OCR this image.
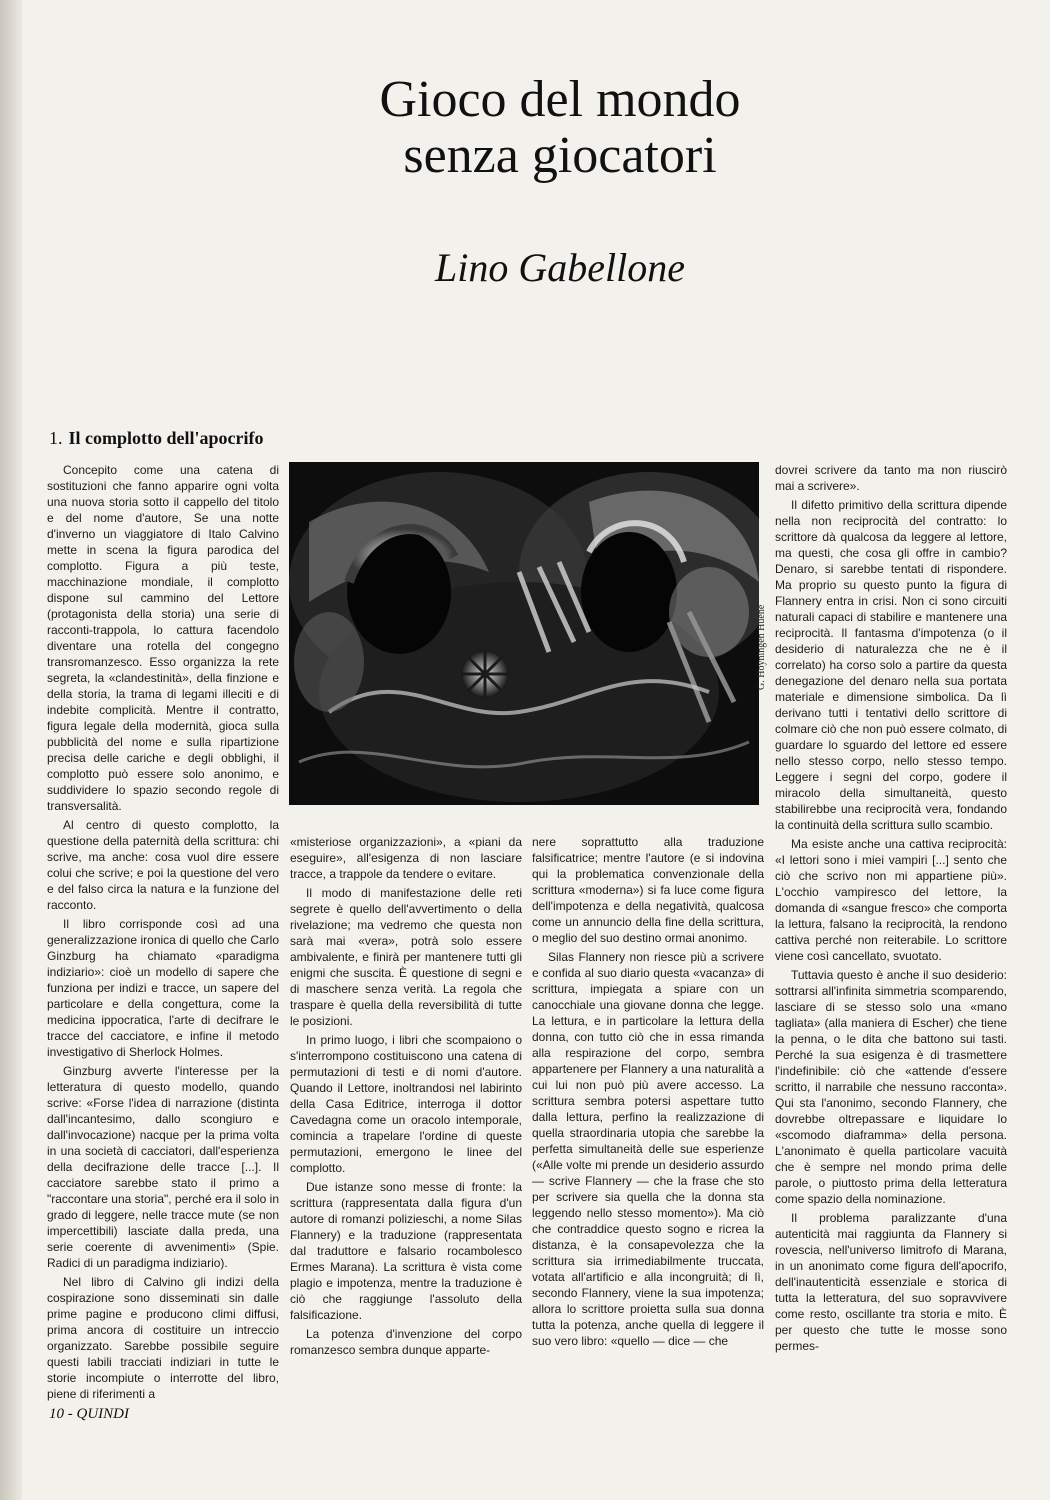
Gioco del mondo
senza giocatori
Lino Gabellone
1. Il complotto dell'apocrifo

Concepito come una catena di sostituzioni che fanno apparire ogni volta una nuova storia sotto il cappello del titolo e del nome d'autore, Se una notte d'inverno un viaggiatore di Italo Calvino mette in scena la figura parodica del complotto. Figura a più teste, macchinazione mondiale, il complotto dispone sul cammino del Lettore (protagonista della storia) una serie di racconti-trappola, lo cattura facendolo diventare una rotella del congegno transromanzesco. Esso organizza la rete segreta, la «clandestinità», della finzione e della storia, la trama di legami illeciti e di indebite complicità. Mentre il contratto, figura legale della modernità, gioca sulla pubblicità del nome e sulla ripartizione precisa delle cariche e degli obblighi, il complotto può essere solo anonimo, e suddividere lo spazio secondo regole di transversalità.

Al centro di questo complotto, la questione della paternità della scrittura: chi scrive, ma anche: cosa vuol dire essere colui che scrive; e poi la questione del vero e del falso circa la natura e la funzione del racconto.

Il libro corrisponde così ad una generalizzazione ironica di quello che Carlo Ginzburg ha chiamato «paradigma indiziario»: cioè un modello di sapere che funziona per indizi e tracce, un sapere del particolare e della congettura, come la medicina ippocratica, l'arte di decifrare le tracce del cacciatore, e infine il metodo investigativo di Sherlock Holmes.

Ginzburg avverte l'interesse per la letteratura di questo modello, quando scrive: «Forse l'idea di narrazione (distinta dall'incantesimo, dallo scongiuro e dall'invocazione) nacque per la prima volta in una società di cacciatori, dall'esperienza della decifrazione delle tracce [...]. Il cacciatore sarebbe stato il primo a "raccontare una storia", perché era il solo in grado di leggere, nelle tracce mute (se non impercettibili) lasciate dalla preda, una serie coerente di avvenimenti» (Spie. Radici di un paradigma indiziario).

Nel libro di Calvino gli indizi della cospirazione sono disseminati sin dalle prime pagine e producono climi diffusi, prima ancora di costituire un intreccio organizzato. Sarebbe possibile seguire questi labili tracciati indiziari in tutte le storie incompiute o interrotte del libro, piene di riferimenti a

G. Hoyningen Huene

«misteriose organizzazioni», a «piani da eseguire», all'esigenza di non lasciare tracce, a trappole da tendere o evitare.

Il modo di manifestazione delle reti segrete è quello dell'avvertimento o della rivelazione; ma vedremo che questa non sarà mai «vera», potrà solo essere ambivalente, e finirà per mantenere tutti gli enigmi che suscita. È questione di segni e di maschere senza verità. La regola che traspare è quella della reversibilità di tutte le posizioni.

In primo luogo, i libri che scompaiono o s'interrompono costituiscono una catena di permutazioni di testi e di nomi d'autore. Quando il Lettore, inoltrandosi nel labirinto della Casa Editrice, interroga il dottor Cavedagna come un oracolo intemporale, comincia a trapelare l'ordine di queste permutazioni, emergono le linee del complotto.

Due istanze sono messe di fronte: la scrittura (rappresentata dalla figura d'un autore di romanzi polizieschi, a nome Silas Flannery) e la traduzione (rappresentata dal traduttore e falsario rocambolesco Ermes Marana). La scrittura è vista come plagio e impotenza, mentre la traduzione è ciò che raggiunge l'assoluto della falsificazione.

La potenza d'invenzione del corpo romanzesco sembra dunque apparte-

nere soprattutto alla traduzione falsificatrice; mentre l'autore (e si indovina qui la problematica convenzionale della scrittura «moderna») si fa luce come figura dell'impotenza e della negatività, qualcosa come un annuncio della fine della scrittura, o meglio del suo destino ormai anonimo.

Silas Flannery non riesce più a scrivere e confida al suo diario questa «vacanza» di scrittura, impiegata a spiare con un canocchiale una giovane donna che legge. La lettura, e in particolare la lettura della donna, con tutto ciò che in essa rimanda alla respirazione del corpo, sembra appartenere per Flannery a una naturalità a cui lui non può più avere accesso. La scrittura sembra potersi aspettare tutto dalla lettura, perfino la realizzazione di quella straordinaria utopia che sarebbe la perfetta simultaneità delle sue esperienze («Alle volte mi prende un desiderio assurdo — scrive Flannery — che la frase che sto per scrivere sia quella che la donna sta leggendo nello stesso momento»). Ma ciò che contraddice questo sogno e ricrea la distanza, è la consapevolezza che la scrittura sia irrimediabilmente truccata, votata all'artificio e alla incongruità; di lì, secondo Flannery, viene la sua impotenza; allora lo scrittore proietta sulla sua donna tutta la potenza, anche quella di leggere il suo vero libro: «quello — dice — che

dovrei scrivere da tanto ma non riuscirò mai a scrivere».

Il difetto primitivo della scrittura dipende nella non reciprocità del contratto: lo scrittore dà qualcosa da leggere al lettore, ma questi, che cosa gli offre in cambio? Denaro, si sarebbe tentati di rispondere. Ma proprio su questo punto la figura di Flannery entra in crisi. Non ci sono circuiti naturali capaci di stabilire e mantenere una reciprocità. Il fantasma d'impotenza (o il desiderio di naturalezza che ne è il correlato) ha corso solo a partire da questa denegazione del denaro nella sua portata materiale e dimensione simbolica. Da lì derivano tutti i tentativi dello scrittore di colmare ciò che non può essere colmato, di guardare lo sguardo del lettore ed essere nello stesso corpo, nello stesso tempo. Leggere i segni del corpo, godere il miracolo della simultaneità, questo stabilirebbe una reciprocità vera, fondando la continuità della scrittura sullo scambio.

Ma esiste anche una cattiva reciprocità: «I lettori sono i miei vampiri [...] sento che ciò che scrivo non mi appartiene più». L'occhio vampiresco del lettore, la domanda di «sangue fresco» che comporta la lettura, falsano la reciprocità, la rendono cattiva perché non reiterabile. Lo scrittore viene così cancellato, svuotato.

Tuttavia questo è anche il suo desiderio: sottrarsi all'infinita simmetria scomparendo, lasciare di se stesso solo una «mano tagliata» (alla maniera di Escher) che tiene la penna, o le dita che battono sui tasti. Perché la sua esigenza è di trasmettere l'indefinibile: ciò che «attende d'essere scritto, il narrabile che nessuno racconta». Qui sta l'anonimo, secondo Flannery, che dovrebbe oltrepassare e liquidare lo «scomodo diaframma» della persona. L'anonimato è quella particolare vacuità che è sempre nel mondo prima delle parole, o piuttosto prima della letteratura come spazio della nominazione.

Il problema paralizzante d'una autenticità mai raggiunta da Flannery si rovescia, nell'universo limitrofo di Marana, in un anonimato come figura dell'apocrifo, dell'inautenticità essenziale e storica di tutta la letteratura, del suo sopravvivere come resto, oscillante tra storia e mito. È per questo che tutte le mosse sono permes-

10 - QUINDI
